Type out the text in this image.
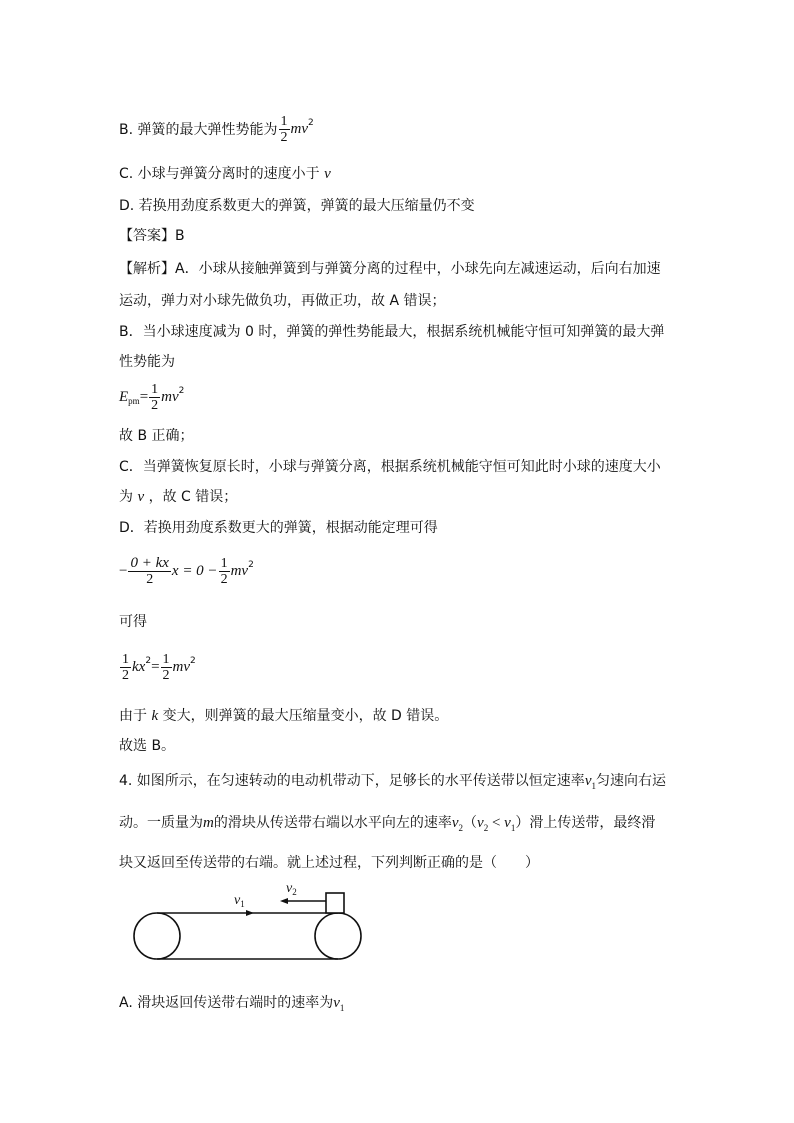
B. 弹簧的最大弹性势能为 $\frac{1}{2}$ mv 2
C. 小球与弹簧分离时的速度小于 v
D. 若换用劲度系数更大的弹簧，弹簧的最大压缩量仍不变
【答案】B
【解析】A．小球从接触弹簧到与弹簧分离的过程中，小球先向左减速运动，后向右加速
运动，弹力对小球先做负功，再做正功，故 A 错误；
B．当小球速度减为 0 时，弹簧的弹性势能最大，根据系统机械能守恒可知弹簧的最大弹
性势能为
E pm = $\frac{1}{2}$ mv 2
故 B 正确；
C．当弹簧恢复原长时，小球与弹簧分离，根据系统机械能守恒可知此时小球的速度大小
为 v ，故 C 错误；
D．若换用劲度系数更大的弹簧，根据动能定理可得
− $\frac{0 + kx}{2}$ $x = 0 - \frac{1}{2}$ mv 2
可得
$\frac{1}{2}$ kx $2 = \frac{1}{2}$ mv 2
由于 k 变大，则弹簧的最大压缩量变小，故 D 错误。
故选 B。
4. 如图所示，在匀速转动的电动机带动下，足够长的水平传送带以恒定速率$v_1$匀速向右运
动。一质量为m的滑块从传送带右端以水平向左的速率$v_2(v_2 < v_1)$滑上传送带，最终滑
块又返回至传送带的右端。就上述过程，下列判断正确的是（　　）
$v_1$
$v_2$
A. 滑块返回传送带右端时的速率为$v_1$
